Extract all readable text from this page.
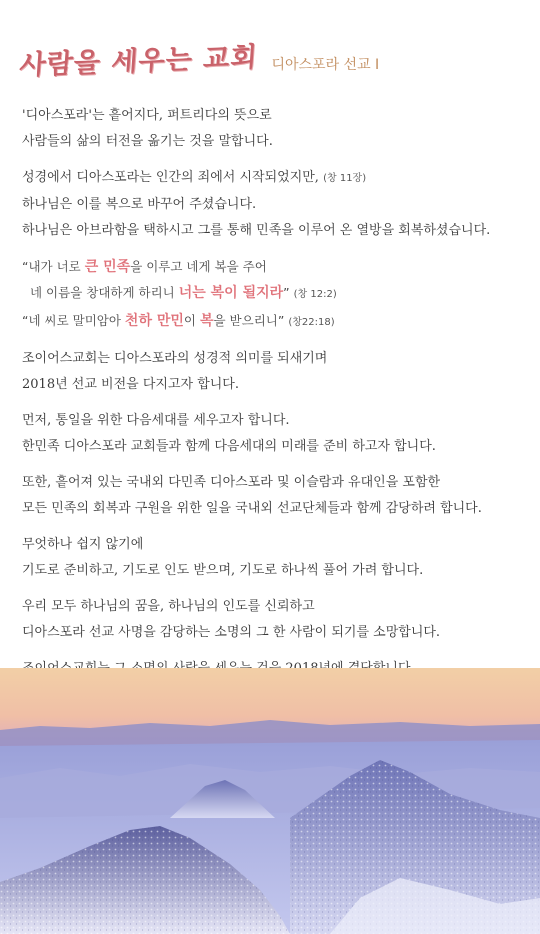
사람을 세우는 교회 디아스포라 선교 I
'디아스포라'는 흩어지다, 퍼트리다의 뜻으로
사람들의 삶의 터전을 옮기는 것을 말합니다.
성경에서 디아스포라는 인간의 죄에서 시작되었지만, (창 11장)
하나님은 이를 복으로 바꾸어 주셨습니다.
하나님은 아브라함을 택하시고 그를 통해 민족을 이루어 온 열방을 회복하셨습니다.
“내가 너로 큰 민족을 이루고 네게 복을 주어
네 이름을 창대하게 하리니 너는 복이 될지라” (창 12:2)
“네 씨로 말미암아 천하 만민이 복을 받으리니” (창22:18)
조이어스교회는 디아스포라의 성경적 의미를 되새기며
2018년 선교 비전을 다지고자 합니다.
먼저, 통일을 위한 다음세대를 세우고자 합니다.
한민족 디아스포라 교회들과 함께 다음세대의 미래를 준비 하고자 합니다.
또한, 흩어져 있는 국내외 다민족 디아스포라 및 이슬람과 유대인을 포함한
모든 민족의 회복과 구원을 위한 일을 국내외 선교단체들과 함께 감당하려 합니다.
무엇하나 쉽지 않기에
기도로 준비하고, 기도로 인도 받으며, 기도로 하나씩 풀어 가려 합니다.
우리 모두 하나님의 꿈을, 하나님의 인도를 신뢰하고
디아스포라 선교 사명을 감당하는 소명의 그 한 사람이 되기를 소망합니다.
